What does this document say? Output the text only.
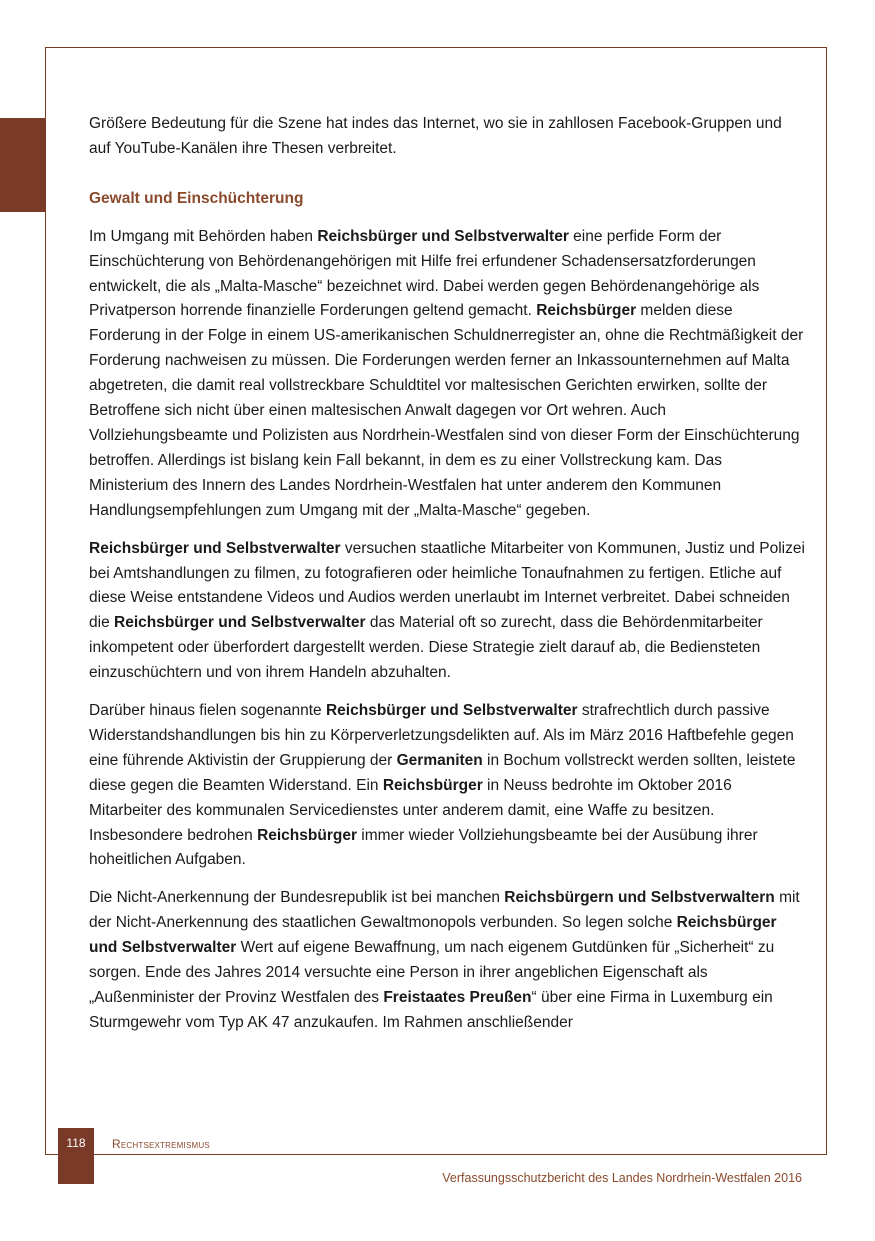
Größere Bedeutung für die Szene hat indes das Internet, wo sie in zahllosen Facebook-Gruppen und auf YouTube-Kanälen ihre Thesen verbreitet.

Gewalt und Einschüchterung

Im Umgang mit Behörden haben Reichsbürger und Selbstverwalter eine perfide Form der Einschüchterung von Behördenangehörigen mit Hilfe frei erfundener Schadensersatzforderungen entwickelt, die als „Malta-Masche“ bezeichnet wird. Dabei werden gegen Behördenangehörige als Privatperson horrende finanzielle Forderungen geltend gemacht. Reichsbürger melden diese Forderung in der Folge in einem US-amerikanischen Schuldnerregister an, ohne die Rechtmäßigkeit der Forderung nachweisen zu müssen. Die Forderungen werden ferner an Inkassounternehmen auf Malta abgetreten, die damit real vollstreckbare Schuldtitel vor maltesischen Gerichten erwirken, sollte der Betroffene sich nicht über einen maltesischen Anwalt dagegen vor Ort wehren. Auch Vollziehungsbeamte und Polizisten aus Nordrhein-Westfalen sind von dieser Form der Einschüchterung betroffen. Allerdings ist bislang kein Fall bekannt, in dem es zu einer Vollstreckung kam. Das Ministerium des Innern des Landes Nordrhein-Westfalen hat unter anderem den Kommunen Handlungsempfehlungen zum Umgang mit der „Malta-Masche“ gegeben.

Reichsbürger und Selbstverwalter versuchen staatliche Mitarbeiter von Kommunen, Justiz und Polizei bei Amtshandlungen zu filmen, zu fotografieren oder heimliche Tonaufnahmen zu fertigen. Etliche auf diese Weise entstandene Videos und Audios werden unerlaubt im Internet verbreitet. Dabei schneiden die Reichsbürger und Selbstverwalter das Material oft so zurecht, dass die Behördenmitarbeiter inkompetent oder überfordert dargestellt werden. Diese Strategie zielt darauf ab, die Bediensteten einzuschüchtern und von ihrem Handeln abzuhalten.

Darüber hinaus fielen sogenannte Reichsbürger und Selbstverwalter strafrechtlich durch passive Widerstandshandlungen bis hin zu Körperverletzungsdelikten auf. Als im März 2016 Haftbefehle gegen eine führende Aktivistin der Gruppierung der Germaniten in Bochum vollstreckt werden sollten, leistete diese gegen die Beamten Widerstand. Ein Reichsbürger in Neuss bedrohte im Oktober 2016 Mitarbeiter des kommunalen Servicedienstes unter anderem damit, eine Waffe zu besitzen. Insbesondere bedrohen Reichsbürger immer wieder Vollziehungsbeamte bei der Ausübung ihrer hoheitlichen Aufgaben.

Die Nicht-Anerkennung der Bundesrepublik ist bei manchen Reichsbürgern und Selbstverwaltern mit der Nicht-Anerkennung des staatlichen Gewaltmonopols verbunden. So legen solche Reichsbürger und Selbstverwalter Wert auf eigene Bewaffnung, um nach eigenem Gutdünken für „Sicherheit“ zu sorgen. Ende des Jahres 2014 versuchte eine Person in ihrer angeblichen Eigenschaft als „Außenminister der Provinz Westfalen des Freistaates Preußen“ über eine Firma in Luxemburg ein Sturmgewehr vom Typ AK 47 anzukaufen. Im Rahmen anschließender

118	Rechtsextremismus
Verfassungsschutzbericht des Landes Nordrhein-Westfalen 2016
